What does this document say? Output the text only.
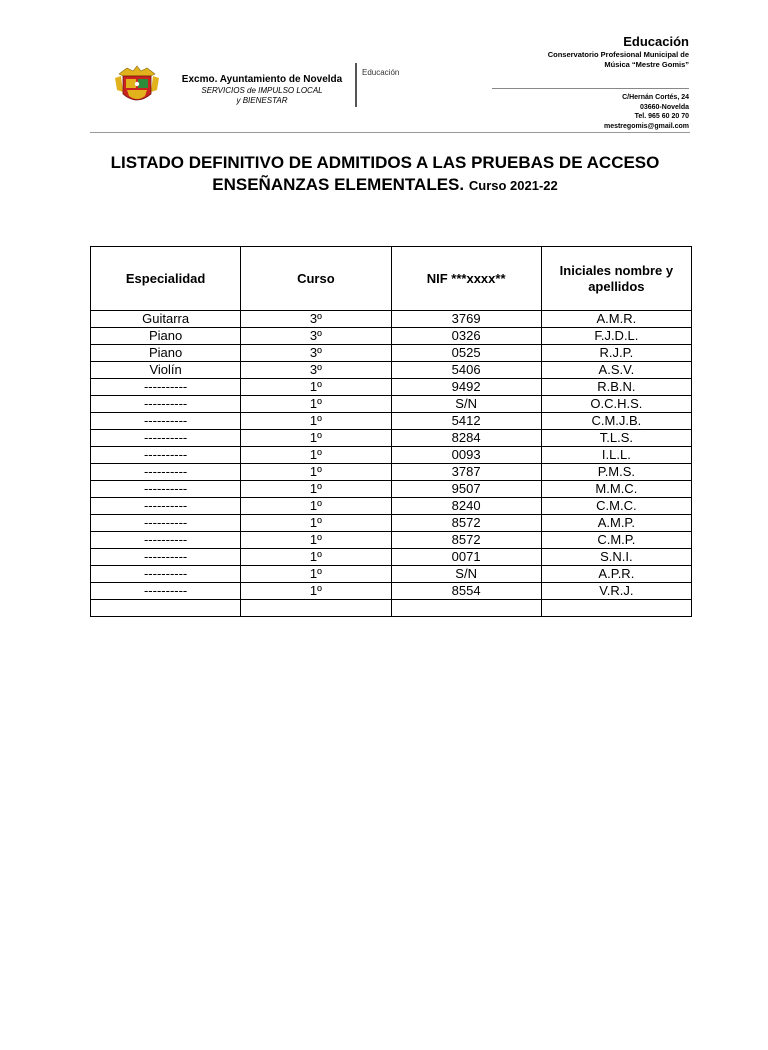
Excmo. Ayuntamiento de Novelda
SERVICIOS de IMPULSO LOCAL
y BIENESTAR
Educación
Educación
Conservatorio Profesional Municipal de
Música “Mestre Gomis”
C/Hernán Cortés, 24
03660-Novelda
Tel. 965 60 20 70
mestregomis@gmail.com
LISTADO DEFINITIVO DE ADMITIDOS A LAS PRUEBAS DE ACCESO
ENSEÑANZAS ELEMENTALES. Curso 2021-22
Especialidad	Curso	NIF ***xxxx**	Iniciales nombre y apellidos
Guitarra	3º	3769	A.M.R.
Piano	3º	0326	F.J.D.L.
Piano	3º	0525	R.J.P.
Violín	3º	5406	A.S.V.
----------	1º	9492	R.B.N.
----------	1º	S/N	O.C.H.S.
----------	1º	5412	C.M.J.B.
----------	1º	8284	T.L.S.
----------	1º	0093	I.L.L.
----------	1º	3787	P.M.S.
----------	1º	9507	M.M.C.
----------	1º	8240	C.M.C.
----------	1º	8572	A.M.P.
----------	1º	8572	C.M.P.
----------	1º	0071	S.N.I.
----------	1º	S/N	A.P.R.
----------	1º	8554	V.R.J.
